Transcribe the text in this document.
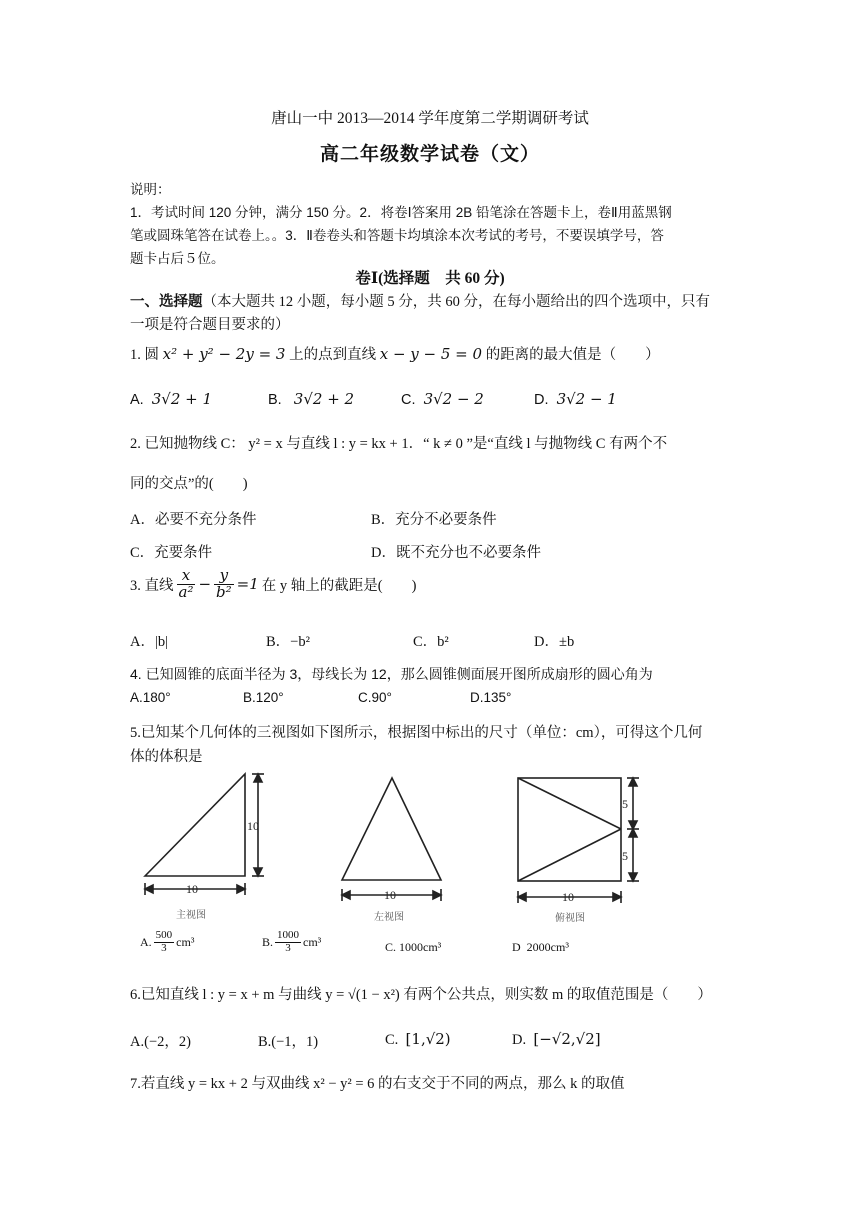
唐山一中 2013—2014 学年度第二学期调研考试
高二年级数学试卷（文）
说明：
1．考试时间 120 分钟，满分 150 分。2．将卷Ⅰ答案用 2B 铅笔涂在答题卡上，卷Ⅱ用蓝黑钢
笔或圆珠笔答在试卷上。。3．Ⅱ卷卷头和答题卡均填涂本次考试的考号，不要误填学号，答
题卡占后５位。
卷Ⅰ(选择题　共 60 分)
一、选择题（本大题共 12 小题，每小题 5 分，共 60 分，在每小题给出的四个选项中，只有
一项是符合题目要求的）
1. 圆 x² + y² − 2y = 3 上的点到直线 x − y − 5 = 0 的距离的最大值是（　　）
A. 3√2 + 1	B. 3√2 + 2	C. 3√2 − 2	D. 3√2 − 1
2. 已知抛物线 C： y² = x 与直线 l : y = kx + 1．“ k ≠ 0 ”是“直线 l 与抛物线 C 有两个不
同的交点”的(　　)
A．必要不充分条件	B．充分不必要条件
C．充要条件	D．既不充分也不必要条件
3. 直线 $\frac{x}{\text{a²}} - \frac{y}{\text{b²}} =1$ 在 y 轴上的截距是(　　)
A．|b|	B．−b²	C．b²	D．±b
4. 已知圆锥的底面半径为 3，母线长为 12，那么圆锥侧面展开图所成扇形的圆心角为
A.180°	B.120°	C.90°	D.135°
5.已知某个几何体的三视图如下图所示，根据图中标出的尺寸（单位：cm），可得这个几何
体的体积是
10
10	10	10
5
5
主视图	左视图	俯视图
A. $\frac{500}{3} cm^3$	B. $\frac{1000}{3} cm^3$	C. 1000cm³	D 2000cm³
6.已知直线 l : y = x + m 与曲线 y = √(1 − x²) 有两个公共点，则实数 m 的取值范围是（　　）
A.(−2，2)	B.(−1，1)	C. [1,√2)	D. [−√2,√2]
7.若直线 y = kx + 2 与双曲线 x² − y² = 6 的右支交于不同的两点，那么 k 的取值
